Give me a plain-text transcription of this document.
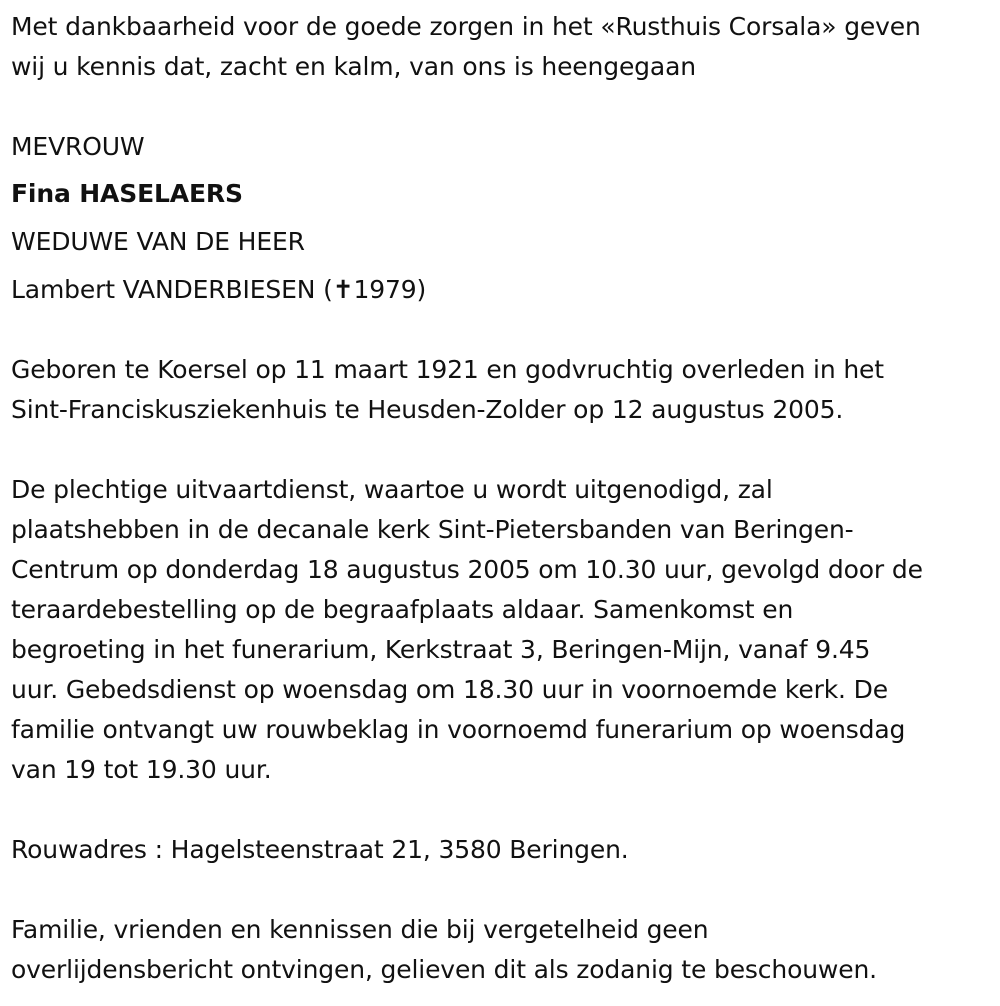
Met dankbaarheid voor de goede zorgen in het «Rusthuis Corsala» geven
wij u kennis dat, zacht en kalm, van ons is heengegaan
MEVROUW
Fina HASELAERS
WEDUWE VAN DE HEER
Lambert VANDERBIESEN (✝1979)
Geboren te Koersel op 11 maart 1921 en godvruchtig overleden in het
Sint-Franciskusziekenhuis te Heusden-Zolder op 12 augustus 2005.
De plechtige uitvaartdienst, waartoe u wordt uitgenodigd, zal
plaatshebben in de decanale kerk Sint-Pietersbanden van Beringen-
Centrum op donderdag 18 augustus 2005 om 10.30 uur, gevolgd door de
teraardebestelling op de begraafplaats aldaar. Samenkomst en
begroeting in het funerarium, Kerkstraat 3, Beringen-Mijn, vanaf 9.45
uur. Gebedsdienst op woensdag om 18.30 uur in voornoemde kerk. De
familie ontvangt uw rouwbeklag in voornoemd funerarium op woensdag
van 19 tot 19.30 uur.
Rouwadres : Hagelsteenstraat 21, 3580 Beringen.
Familie, vrienden en kennissen die bij vergetelheid geen
overlijdensbericht ontvingen, gelieven dit als zodanig te beschouwen.
